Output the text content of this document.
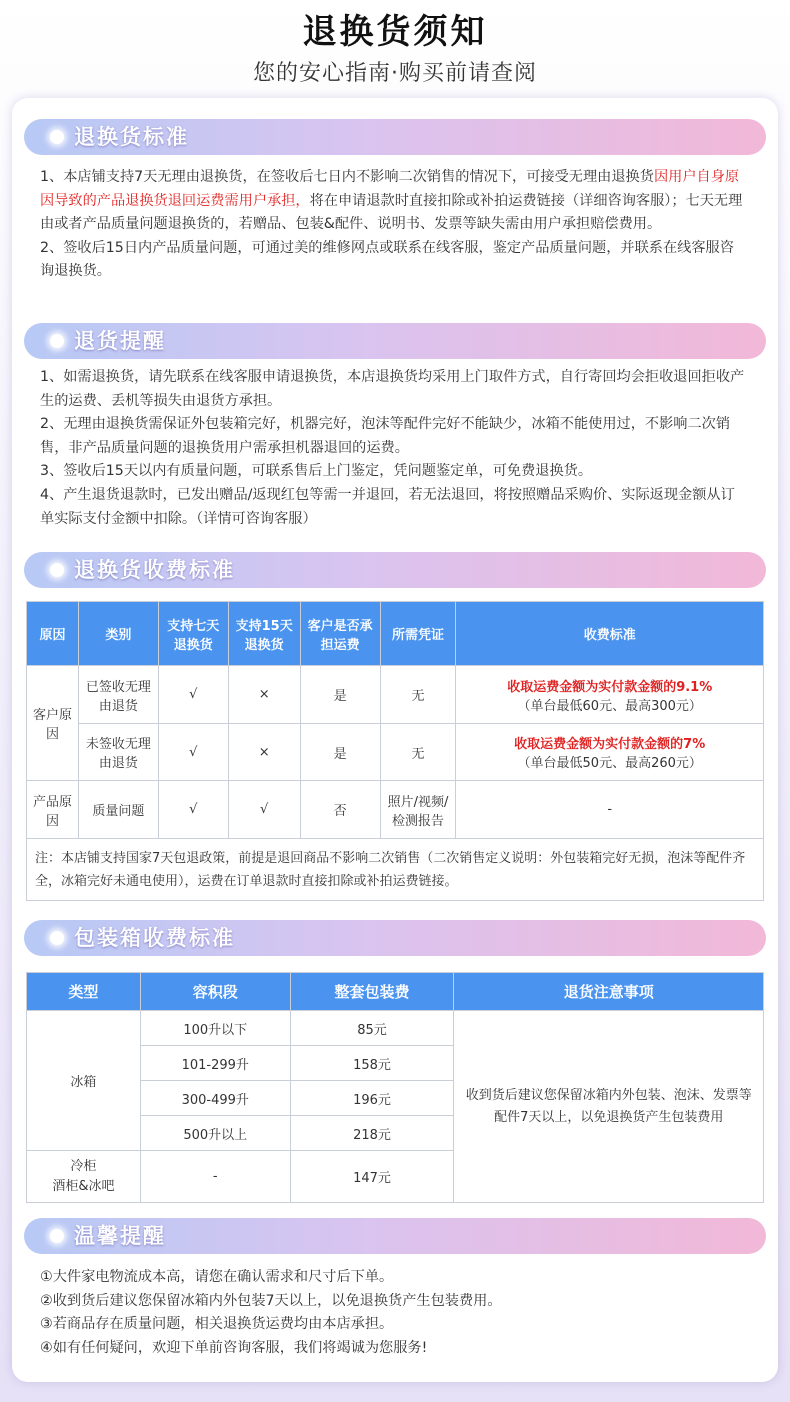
退换货须知
您的安心指南·购买前请查阅
退换货标准

1、本店铺支持7天无理由退换货，在签收后七日内不影响二次销售的情况下，可接受无理由退换货因用户自身原因导致的产品退换货退回运费需用户承担，将在申请退款时直接扣除或补拍运费链接（详细咨询客服）；七天无理由或者产品质量问题退换货的，若赠品、包装&配件、说明书、发票等缺失需由用户承担赔偿费用。

2、签收后15日内产品质量问题，可通过美的维修网点或联系在线客服，鉴定产品质量问题，并联系在线客服咨询退换货。

退货提醒

1、如需退换货，请先联系在线客服申请退换货，本店退换货均采用上门取件方式，自行寄回均会拒收退回拒收产生的运费、丢机等损失由退货方承担。

2、无理由退换货需保证外包装箱完好，机器完好，泡沫等配件完好不能缺少，冰箱不能使用过，不影响二次销售，非产品质量问题的退换货用户需承担机器退回的运费。

3、签收后15天以内有质量问题，可联系售后上门鉴定，凭问题鉴定单，可免费退换货。

4、产生退货退款时，已发出赠品/返现红包等需一并退回，若无法退回，将按照赠品采购价、实际返现金额从订单实际支付金额中扣除。（详情可咨询客服）

退换货收费标准
原因	类别	支持七天退换货	支持15天退换货	客户是否承担运费	所需凭证	收费标准
客户原因	已签收无理由退货	√	×	是	无	收取运费金额为实付款金额的9.1%
（单台最低60元、最高300元）

	未签收无理由退货	√	×	是	无	收取运费金额为实付款金额的7%
（单台最低50元、最高260元）

产品原因	质量问题	√	√	否	照片/视频/检测报告	-

注：本店铺支持国家7天包退政策，前提是退回商品不影响二次销售（二次销售定义说明：外包装箱完好无损，泡沫等配件齐全，冰箱完好未通电使用），运费在订单退款时直接扣除或补拍运费链接。						
包装箱收费标准
类型	容积段	整套包装费	退货注意事项
冰箱	100升以下	85元	收到货后建议您保留冰箱内外包装、泡沫、发票等配件7天以上，以免退换货产生包装费用
	101-299升	158元	
	300-499升	196元	
	500升以上	218元	
冷柜
酒柜&冰吧	-	147元	
温馨提醒

①大件家电物流成本高，请您在确认需求和尺寸后下单。

②收到货后建议您保留冰箱内外包装7天以上，以免退换货产生包装费用。

③若商品存在质量问题，相关退换货运费均由本店承担。

④如有任何疑问，欢迎下单前咨询客服，我们将竭诚为您服务!
